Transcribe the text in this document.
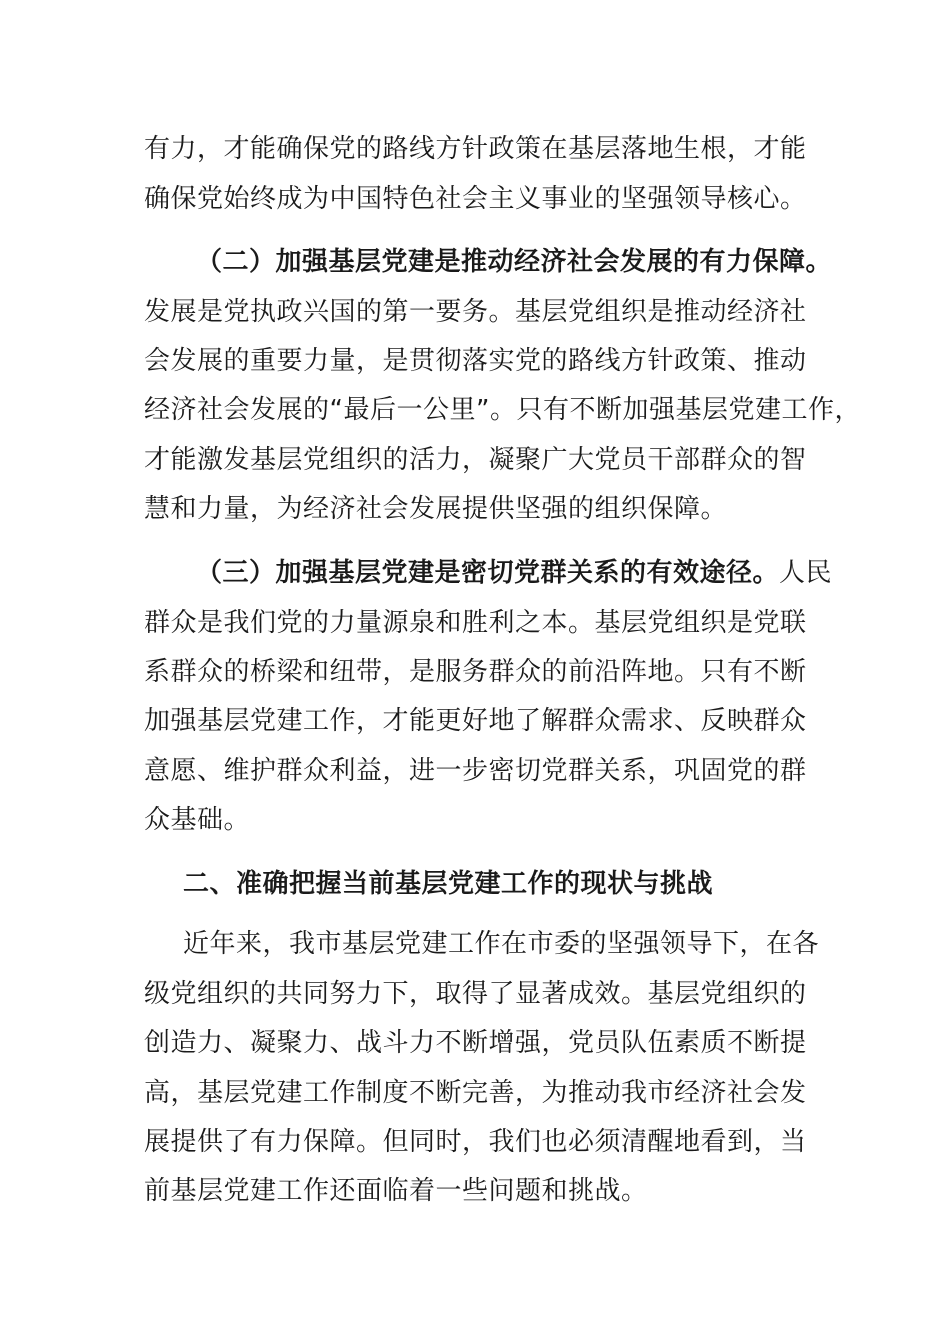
有力，才能确保党的路线方针政策在基层落地生根，才能
确保党始终成为中国特色社会主义事业的坚强领导核心。
（二）加强基层党建是推动经济社会发展的有力保障。
发展是党执政兴国的第一要务。基层党组织是推动经济社
会发展的重要力量，是贯彻落实党的路线方针政策、推动
经济社会发展的“最后一公里”。只有不断加强基层党建工作，
才能激发基层党组织的活力，凝聚广大党员干部群众的智
慧和力量，为经济社会发展提供坚强的组织保障。
（三）加强基层党建是密切党群关系的有效途径。人民
群众是我们党的力量源泉和胜利之本。基层党组织是党联
系群众的桥梁和纽带，是服务群众的前沿阵地。只有不断
加强基层党建工作，才能更好地了解群众需求、反映群众
意愿、维护群众利益，进一步密切党群关系，巩固党的群
众基础。
二、准确把握当前基层党建工作的现状与挑战
近年来，我市基层党建工作在市委的坚强领导下，在各
级党组织的共同努力下，取得了显著成效。基层党组织的
创造力、凝聚力、战斗力不断增强，党员队伍素质不断提
高，基层党建工作制度不断完善，为推动我市经济社会发
展提供了有力保障。但同时，我们也必须清醒地看到，当
前基层党建工作还面临着一些问题和挑战。
